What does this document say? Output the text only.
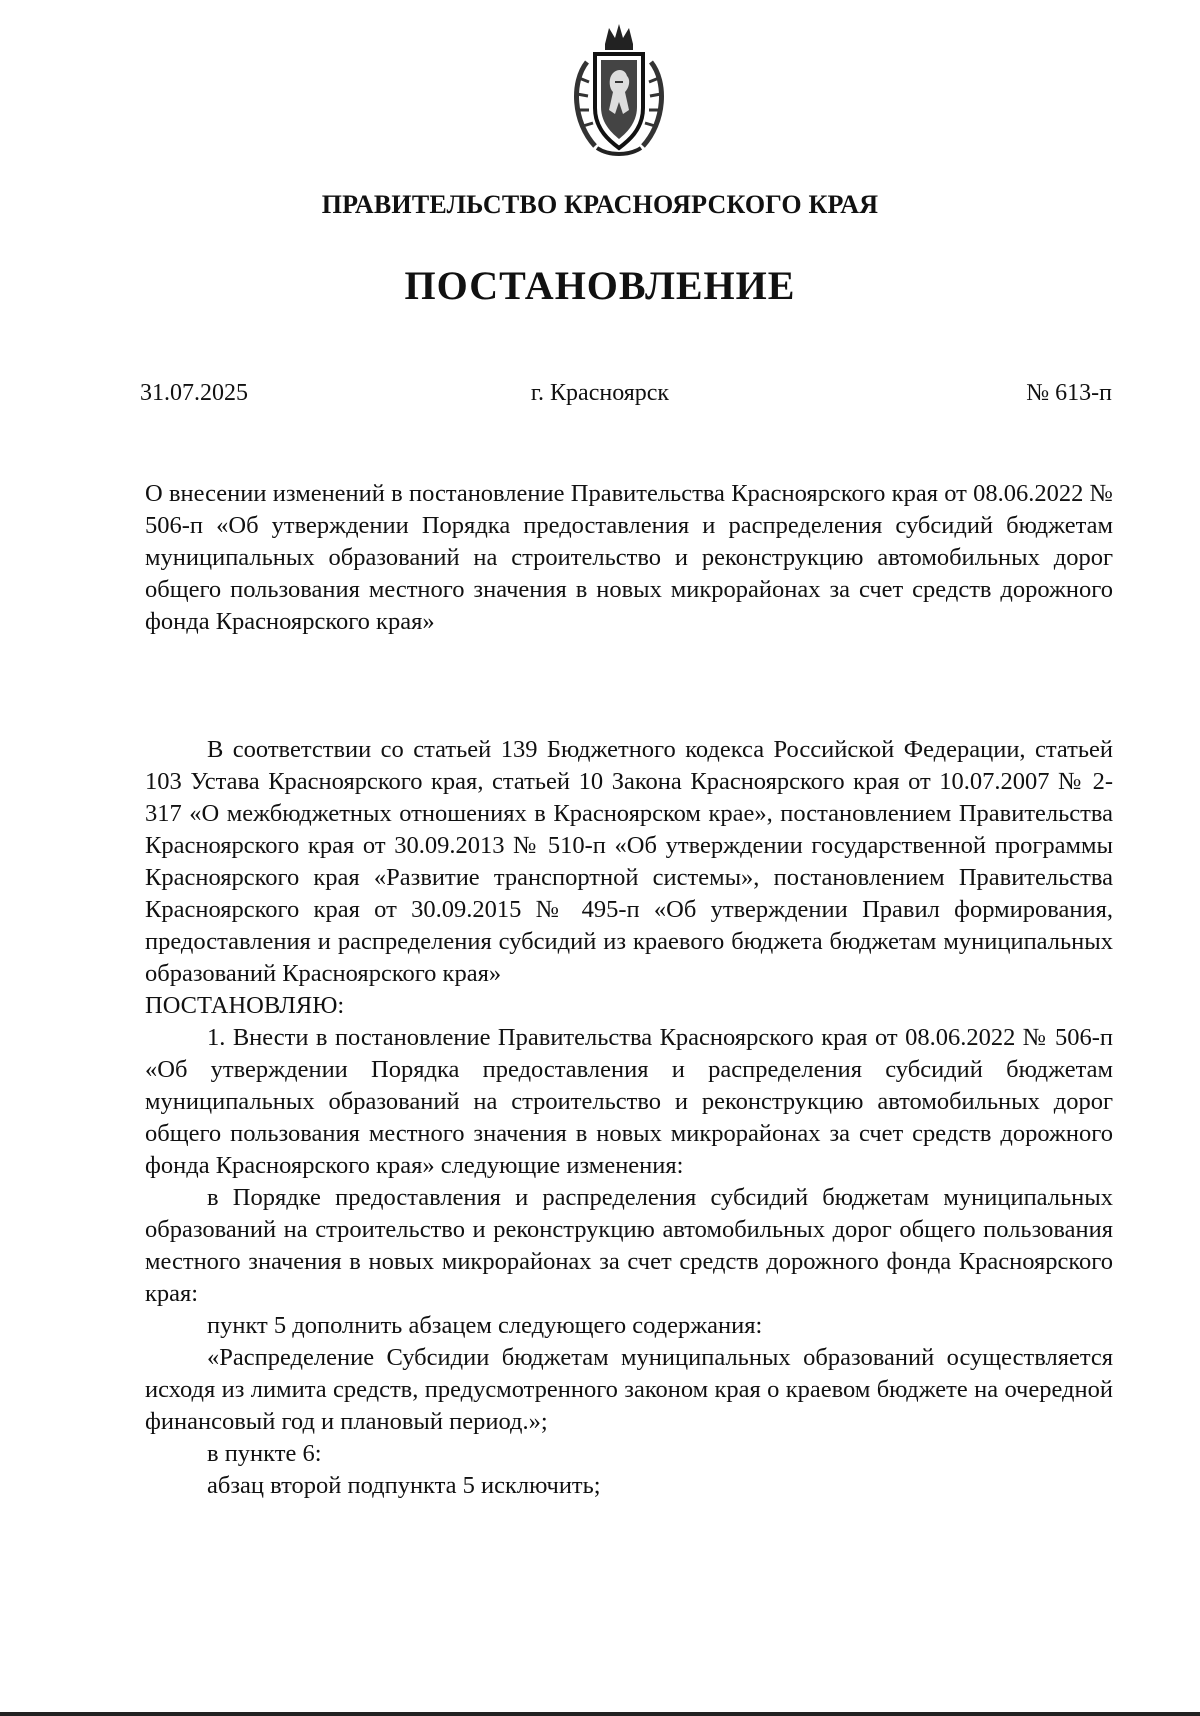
ПРАВИТЕЛЬСТВО КРАСНОЯРСКОГО КРАЯ
ПОСТАНОВЛЕНИЕ
31.07.2025	г. Красноярск	№ 613-п

О внесении изменений в постановление Правительства Красноярского края от 08.06.2022 № 506-п «Об утверждении Порядка предоставления и распределения субсидий бюджетам муниципальных образований на строительство и реконструкцию автомобильных дорог общего пользования местного значения в новых микрорайонах за счет средств дорожного фонда Красноярского края»

В соответствии со статьей 139 Бюджетного кодекса Российской Федерации, статьей 103 Устава Красноярского края, статьей 10 Закона Красноярского края от 10.07.2007 № 2-317 «О межбюджетных отношениях в Красноярском крае», постановлением Правительства Красноярского края от 30.09.2013 № 510-п «Об утверждении государственной программы Красноярского края «Развитие транспортной системы», постановлением Правительства Красноярского края от 30.09.2015 № 495-п «Об утверждении Правил формирования, предоставления и распределения субсидий из краевого бюджета бюджетам муниципальных образований Красноярского края»

ПОСТАНОВЛЯЮ:

1. Внести в постановление Правительства Красноярского края от 08.06.2022 № 506-п «Об утверждении Порядка предоставления и распределения субсидий бюджетам муниципальных образований на строительство и реконструкцию автомобильных дорог общего пользования местного значения в новых микрорайонах за счет средств дорожного фонда Красноярского края» следующие изменения:

в Порядке предоставления и распределения субсидий бюджетам муниципальных образований на строительство и реконструкцию автомобильных дорог общего пользования местного значения в новых микрорайонах за счет средств дорожного фонда Красноярского края:

пункт 5 дополнить абзацем следующего содержания:

«Распределение Субсидии бюджетам муниципальных образований осуществляется исходя из лимита средств, предусмотренного законом края о краевом бюджете на очередной финансовый год и плановый период.»;

в пункте 6:

абзац второй подпункта 5 исключить;
